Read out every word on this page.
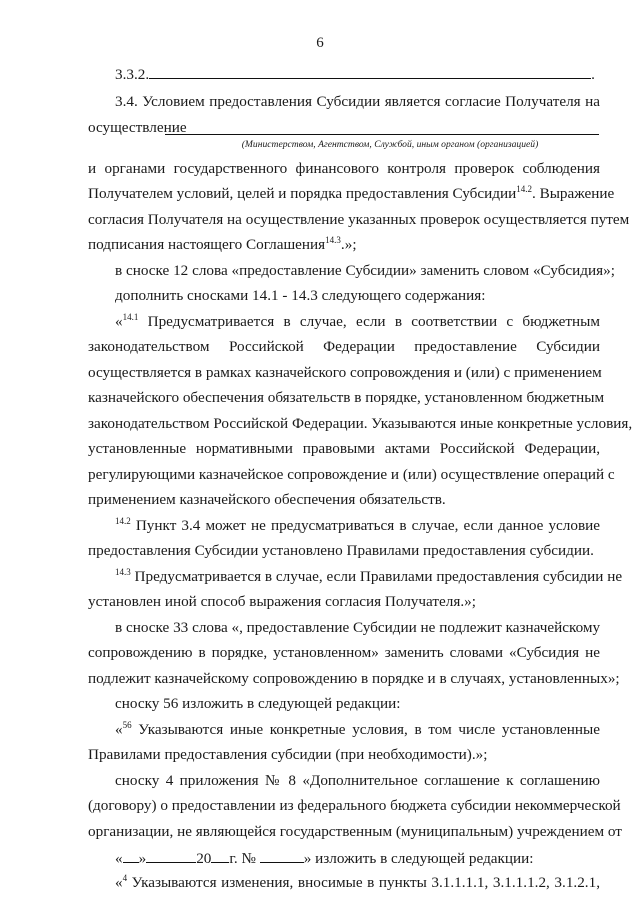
6
3.3.2.	.
3.4. Условием предоставления Субсидии является согласие Получателя на
осуществление
(Министерством, Агентством, Службой, иным органом (организацией)
и органами государственного финансового контроля проверок соблюдения
Получателем условий, целей и порядка предоставления Субсидии$^{14.2}$. Выражение
согласия Получателя на осуществление указанных проверок осуществляется путем
подписания настоящего Соглашения$^{14.3}$.»;
в сноске 12 слова «предоставление Субсидии» заменить словом «Субсидия»;
дополнить сносками 14.1 - 14.3 следующего содержания:
«$^{14.1}$ Предусматривается в случае, если в соответствии с бюджетным
законодательством Российской Федерации предоставление Субсидии
осуществляется в рамках казначейского сопровождения и (или) с применением
казначейского обеспечения обязательств в порядке, установленном бюджетным
законодательством Российской Федерации. Указываются иные конкретные условия,
установленные нормативными правовыми актами Российской Федерации,
регулирующими казначейское сопровождение и (или) осуществление операций с
применением казначейского обеспечения обязательств.
$^{14.2}$ Пункт 3.4 может не предусматриваться в случае, если данное условие
предоставления Субсидии установлено Правилами предоставления субсидии.
$^{14.3}$ Предусматривается в случае, если Правилами предоставления субсидии не
установлен иной способ выражения согласия Получателя.»;
в сноске 33 слова «, предоставление Субсидии не подлежит казначейскому
сопровождению в порядке, установленном» заменить словами «Субсидия не
подлежит казначейскому сопровождению в порядке и в случаях, установленных»;
сноску 56 изложить в следующей редакции:
«$^{56}$ Указываются иные конкретные условия, в том числе установленные
Правилами предоставления субсидии (при необходимости).»;
сноску 4 приложения № 8 «Дополнительное соглашение к соглашению
(договору) о предоставлении из федерального бюджета субсидии некоммерческой
организации, не являющейся государственным (муниципальным) учреждением от
« »	20 г. №	» изложить в следующей редакции:
«$^4$ Указываются изменения, вносимые в пункты 3.1.1.1.1, 3.1.1.1.2, 3.1.2.1,
